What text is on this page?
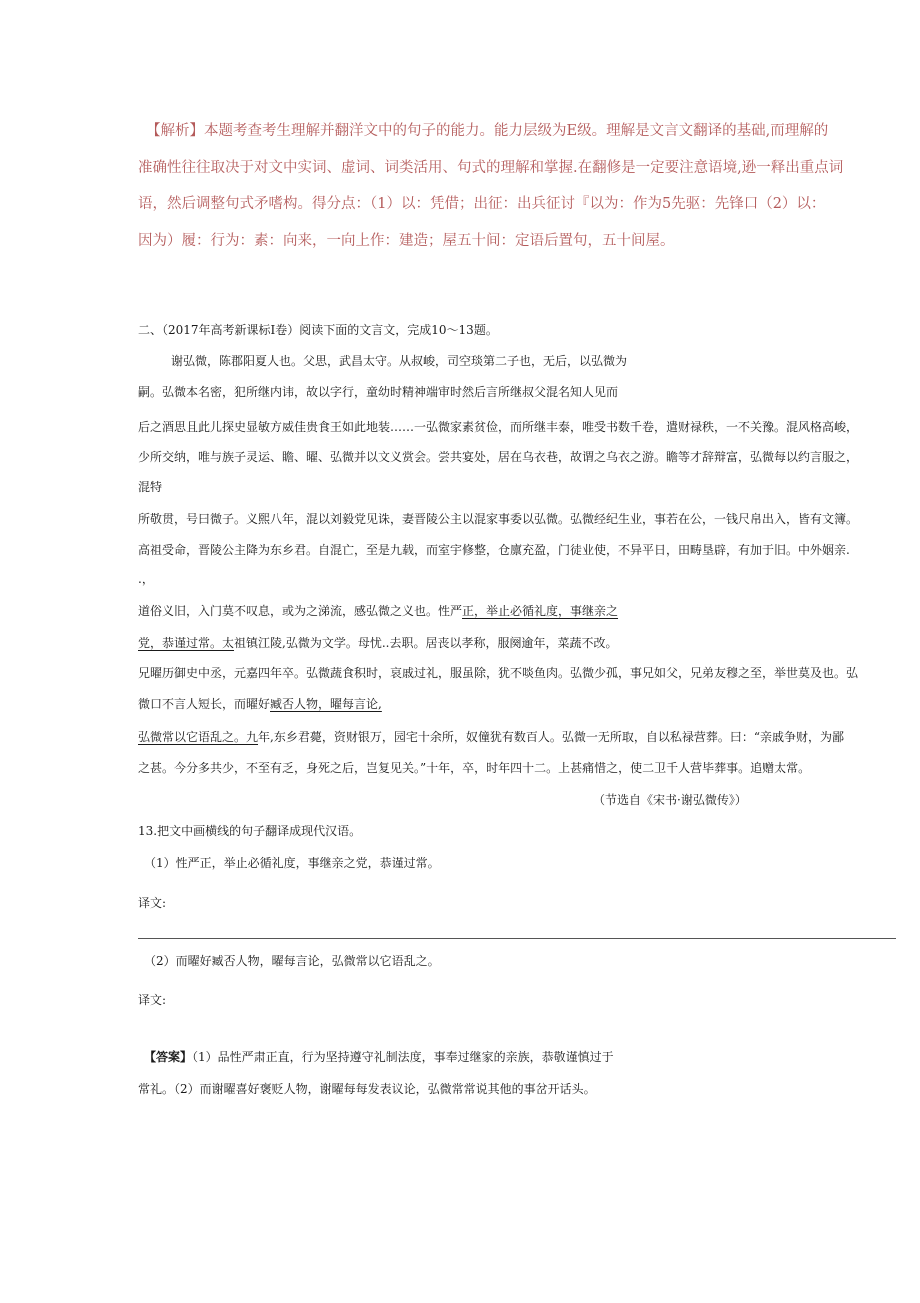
【解析】本题考查考生理解并翻洋文中的句子的能力。能力层级为E级。理解是文言文翻译的基础,而理解的

准确性往往取决于对文中实词、虚词、词类活用、句式的理解和掌握.在翻修是一定要注意语境,逊一释出重点词

语，然后调整句式矛嗜构。得分点：（1）以：凭借；出征：出兵征讨『以为：作为5先驱：先锋口（2）以：

因为）履：行为：素：向来，一向上作：建造；屋五十间：定语后置句，五十间屋。

二、（2017年高考新课标Ⅰ卷）阅读下面的文言文，完成10〜13题。

谢弘微，陈郡阳夏人也。父思，武昌太守。从叔峻，司空琰第二子也，无后，以弘微为

嗣。弘微本名密，犯所继内讳，故以字行，童幼时精神端审时然后言所继叔父混名知人见而

后之酒思且此儿探史显敏方威佳贵食王如此地装……一弘微家素贫俭，而所继丰泰，唯受书数千卷，遣财禄秩，一不关豫。混风格高峻，

少所交纳，唯与族子灵运、瞻、曜、弘微并以文义赏会。尝共宴处，居在乌衣巷，故谓之乌衣之游。瞻等才辞辩富，弘微每以约言服之，

混特

所敬贯，号曰微子。义熙八年，混以刘毅党见诛，妻晋陵公主以混家事委以弘微。弘微经纪生业，事若在公，一钱尺帛出入，皆有文簿。

高祖受命，晋陵公主降为东乡君。自混亡，至是九载，而室宇修整，仓廪充盈，门徒业使，不异平日，田畴垦辟，有加于旧。中外姻亲.

.，

道俗义旧，入门莫不叹息，或为之涕流，感弘微之义也。性严正，举止必循礼度，事继亲之

党，恭谨过常。太祖镇江陵,弘微为文学。母忧..去职。居丧以孝称，服阕逾年，菜蔬不改。

兄曜历御史中丞，元嘉四年卒。弘微蔬食积时，哀戚过礼，服虽除，犹不啖鱼肉。弘微少孤，事兄如父，兄弟友穆之至，举世莫及也。弘

微口不言人短长，而曜好臧否人物，曜每言论,

弘微常以它语乱之。九年,东乡君薨，资财银万，园宅十余所，奴僮犹有数百人。弘微一无所取，自以私禄营葬。曰：“亲戚争财，为鄙

之甚。今分多共少，不至有乏，身死之后，岂复见关。”十年，卒，时年四十二。上甚痛惜之，使二卫千人营毕葬事。追赠太常。

（节选自《宋书·谢弘微传》）

13.把文中画横线的句子翻译成现代汉语。

（1）性严正，举止必循礼度，事继亲之党，恭谨过常。

译文:

（2）而曜好臧否人物，曜每言论，弘微常以它语乱之。

译文:

【答案】（1）品性严肃正直，行为坚持遵守礼制法度，事奉过继家的亲族，恭敬谨慎过于

常礼。（2）而谢曜喜好褒贬人物，谢曜每每发表议论，弘微常常说其他的事岔开话头。
